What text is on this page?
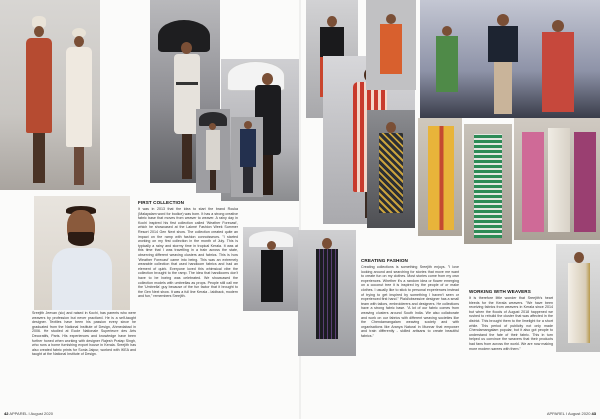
Sreejith Jeevan (sic) and raised in Kochi, has parents who were weavers by profession but never practiced. He is a self-taught designer. Textiles have been his passion every since he graduated from the National Institute of Design, Ahmedabad in 2006. He studied at Ecole Nationale Superieure des Arts Decoratifs, Paris. His experiences and knowledge have been further honed when working with designer Rajesh Pratap Singh, who runs a home furnishing export house in Kerala. Sreejith has also created fabric prints for Sonia Jaipur, worked with IKEA and taught at the National Institute of Design.
FIRST COLLECTION
It was in 2013 that the idea to start the brand Rouka (Malayalam word for bodice) was born. It has a strong creative fabric base that moves from weaver to weaver. A rainy day in Kochi inspired his first collection called 'Weather Forecast', which he showcased at the Lakmé Fashion Week Summer Resort 2014 Gen Next show. The collection created quite an impact on the ramp with fashion connoisseurs. "I started working on my first collection in the month of July. This is typically a rainy and stormy time in tropical Kerala. It was at this time that I was travelling in a train across the state, observing different weaving clusters and fabrics. This is how 'Weather Forecast' came into being. This was an extremely wearable collection that used handloom fabrics and had an element of quirk. Everyone loved this whimsical vibe the collection brought to the ramp. The idea that handlooms don't have to be boring was celebrated. We showcased the collection models with umbrellas as props. People still call me the 'Umbrella' guy because of the fun factor that it brought to the Gen Next show. It was a full line Kerala - laidback, modern and fun," remembers Sreejith.
42 APPAREL I August 2020
CREATING FASHION
Creating collections is something Sreejith enjoys. "I love looking around and searching for stories that move me want to create fun on my clothes. Most stories come from my own experiences. Whether it's a random idea or flower emerging on a coconut tree it is inspired by the people of or make clothes. I usually like to stick to personal experiences instead of trying to get inspired by something I haven't seen or experienced first hand." Plaid/obsessive designer has a small team with tailors, embroiderers and designers. He collections have a strong fabric base. "A lot of our fabric comes from weaving clusters around South India. We also collaborate and work on our fabrics with different weaving societies like the Chendamangalam weaving society and with organisations like Aranya Natural in Munnar that empower and train differently - skilled artisans to create beautiful fabrics."
WORKING WITH WEAVERS
It is therefore little wonder that Sreejith's heart bleeds for the Kerala weavers. "We have been receiving fabrics from weavers in Kerala since 2014 but when the floods of August 2018 happened we rushed to rebuild the cluster that was affected in the district. This brought them to the limelight for a short while. This period of publicity not only made Chendamangalam popular, but it also got people to understand the fate of their fabric. This in turn helped us convince the weavers that their products had fans from across the world. We are now making more modern sarees with them."
APPAREL I August 2020 43
